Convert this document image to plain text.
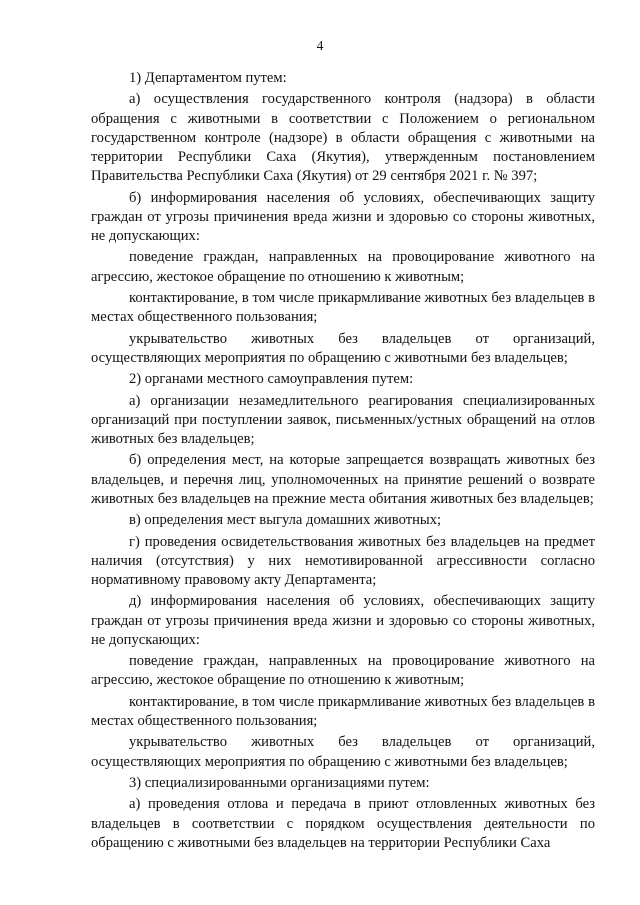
4

1) Департаментом путем:

а) осуществления государственного контроля (надзора) в области обращения с животными в соответствии с Положением о региональном государственном контроле (надзоре) в области обращения с животными на территории Республики Саха (Якутия), утвержденным постановлением Правительства Республики Саха (Якутия) от 29 сентября 2021 г. № 397;

б) информирования населения об условиях, обеспечивающих защиту граждан от угрозы причинения вреда жизни и здоровью со стороны животных, не допускающих:

поведение граждан, направленных на провоцирование животного на агрессию, жестокое обращение по отношению к животным;

контактирование, в том числе прикармливание животных без владельцев в местах общественного пользования;

укрывательство животных без владельцев от организаций, осуществляющих мероприятия по обращению с животными без владельцев;

2) органами местного самоуправления путем:

а) организации незамедлительного реагирования специализированных организаций при поступлении заявок, письменных/устных обращений на отлов животных без владельцев;

б) определения мест, на которые запрещается возвращать животных без владельцев, и перечня лиц, уполномоченных на принятие решений о возврате животных без владельцев на прежние места обитания животных без владельцев;

в) определения мест выгула домашних животных;

г) проведения освидетельствования животных без владельцев на предмет наличия (отсутствия) у них немотивированной агрессивности согласно нормативному правовому акту Департамента;

д) информирования населения об условиях, обеспечивающих защиту граждан от угрозы причинения вреда жизни и здоровью со стороны животных, не допускающих:

поведение граждан, направленных на провоцирование животного на агрессию, жестокое обращение по отношению к животным;

контактирование, в том числе прикармливание животных без владельцев в местах общественного пользования;

укрывательство животных без владельцев от организаций, осуществляющих мероприятия по обращению с животными без владельцев;

3) специализированными организациями путем:

а) проведения отлова и передача в приют отловленных животных без владельцев в соответствии с порядком осуществления деятельности по обращению с животными без владельцев на территории Республики Саха
